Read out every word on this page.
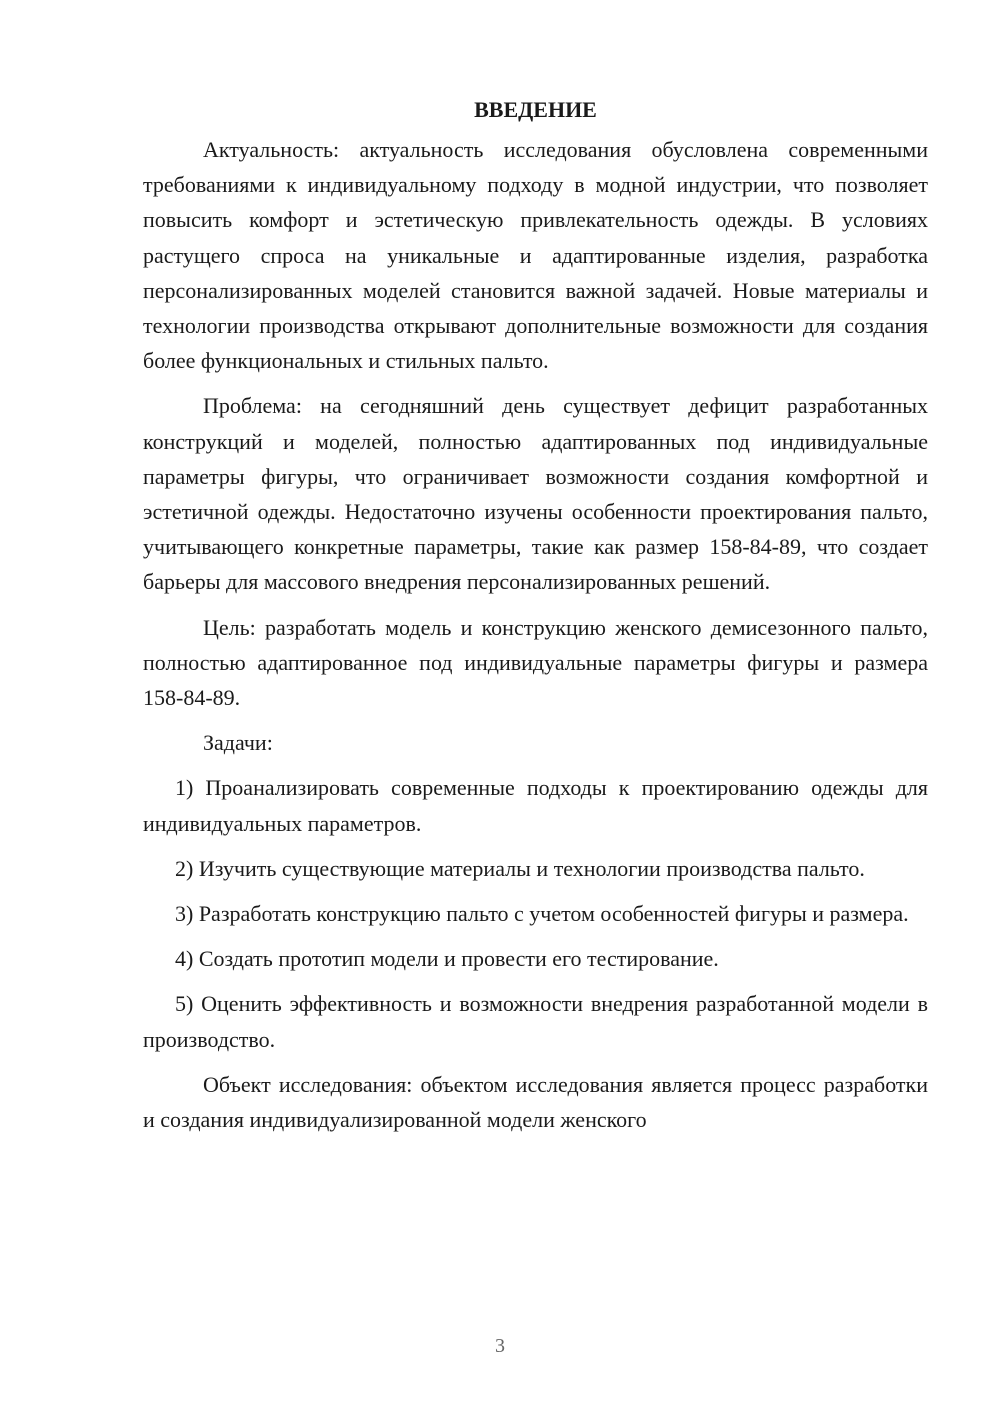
ВВЕДЕНИЕ

Актуальность: актуальность исследования обусловлена современными требованиями к индивидуальному подходу в модной индустрии, что позволяет повысить комфорт и эстетическую привлекательность одежды. В условиях растущего спроса на уникальные и адаптированные изделия, разработка персонализированных моделей становится важной задачей. Новые материалы и технологии производства открывают дополнительные возможности для создания более функциональных и стильных пальто.

Проблема: на сегодняшний день существует дефицит разработанных конструкций и моделей, полностью адаптированных под индивидуальные параметры фигуры, что ограничивает возможности создания комфортной и эстетичной одежды. Недостаточно изучены особенности проектирования пальто, учитывающего конкретные параметры, такие как размер 158-84-89, что создает барьеры для массового внедрения персонализированных решений.

Цель: разработать модель и конструкцию женского демисезонного пальто, полностью адаптированное под индивидуальные параметры фигуры и размера 158-84-89.

Задачи:

1) Проанализировать современные подходы к проектированию одежды для индивидуальных параметров.

2) Изучить существующие материалы и технологии производства пальто.

3) Разработать конструкцию пальто с учетом особенностей фигуры и размера.

4) Создать прототип модели и провести его тестирование.

5) Оценить эффективность и возможности внедрения разработанной модели в производство.

Объект исследования: объектом исследования является процесс разработки и создания индивидуализированной модели женского

3
